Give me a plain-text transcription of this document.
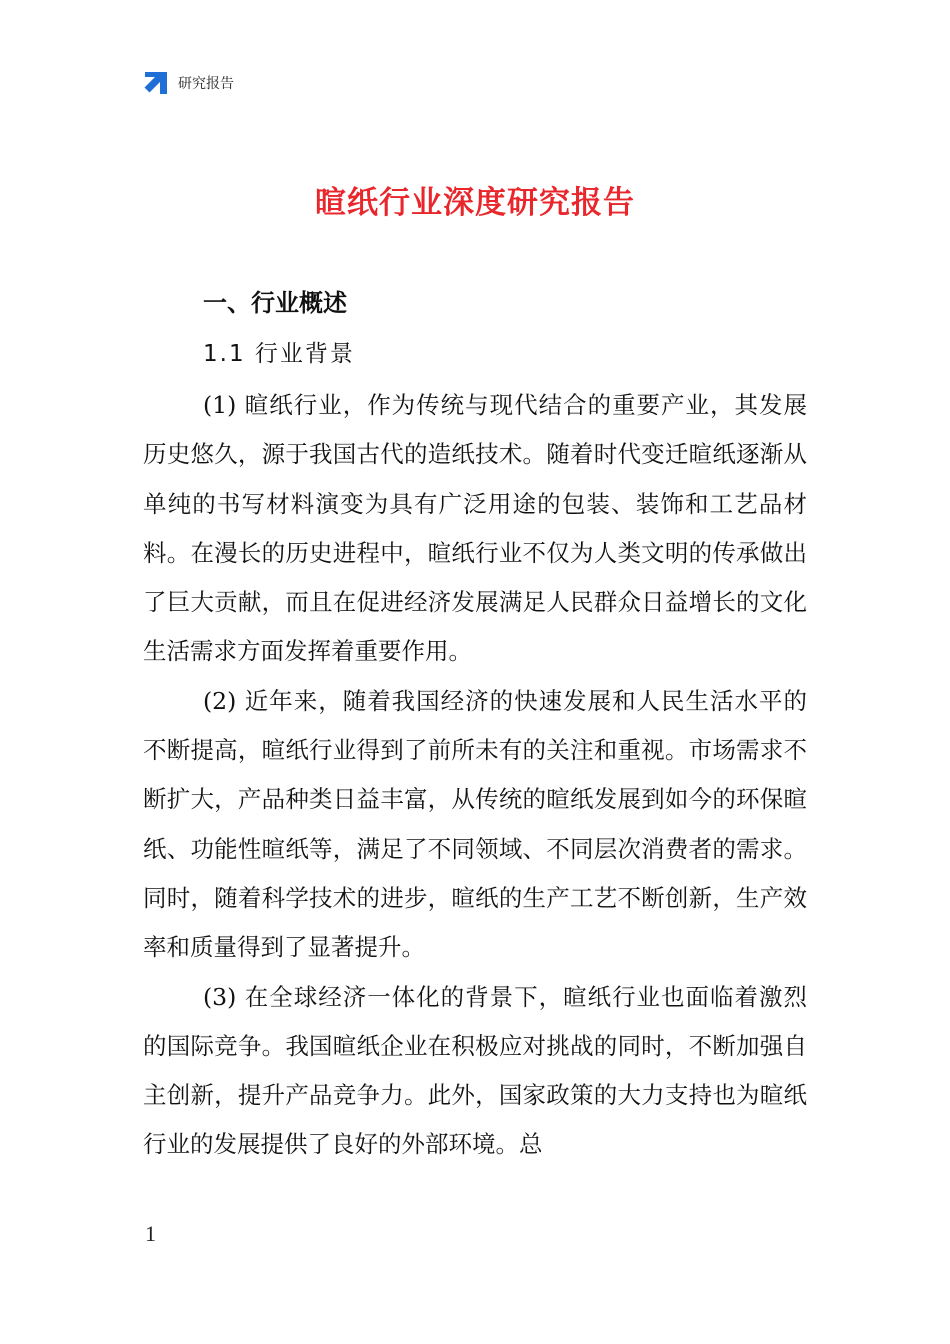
研究报告
暄纸行业深度研究报告
一、行业概述
1.1 行业背景

(1) 暄纸行业，作为传统与现代结合的重要产业，其发展历史悠久，源于我国古代的造纸技术。随着时代变迁暄纸逐渐从单纯的书写材料演变为具有广泛用途的包装、装饰和工艺品材料。在漫长的历史进程中，暄纸行业不仅为人类文明的传承做出了巨大贡献，而且在促进经济发展满足人民群众日益增长的文化生活需求方面发挥着重要作用。

(2) 近年来，随着我国经济的快速发展和人民生活水平的不断提高，暄纸行业得到了前所未有的关注和重视。市场需求不断扩大，产品种类日益丰富，从传统的暄纸发展到如今的环保暄纸、功能性暄纸等，满足了不同领域、不同层次消费者的需求。同时，随着科学技术的进步，暄纸的生产工艺不断创新，生产效率和质量得到了显著提升。

(3) 在全球经济一体化的背景下，暄纸行业也面临着激烈的国际竞争。我国暄纸企业在积极应对挑战的同时，不断加强自主创新，提升产品竞争力。此外，国家政策的大力支持也为暄纸行业的发展提供了良好的外部环境。总

1
